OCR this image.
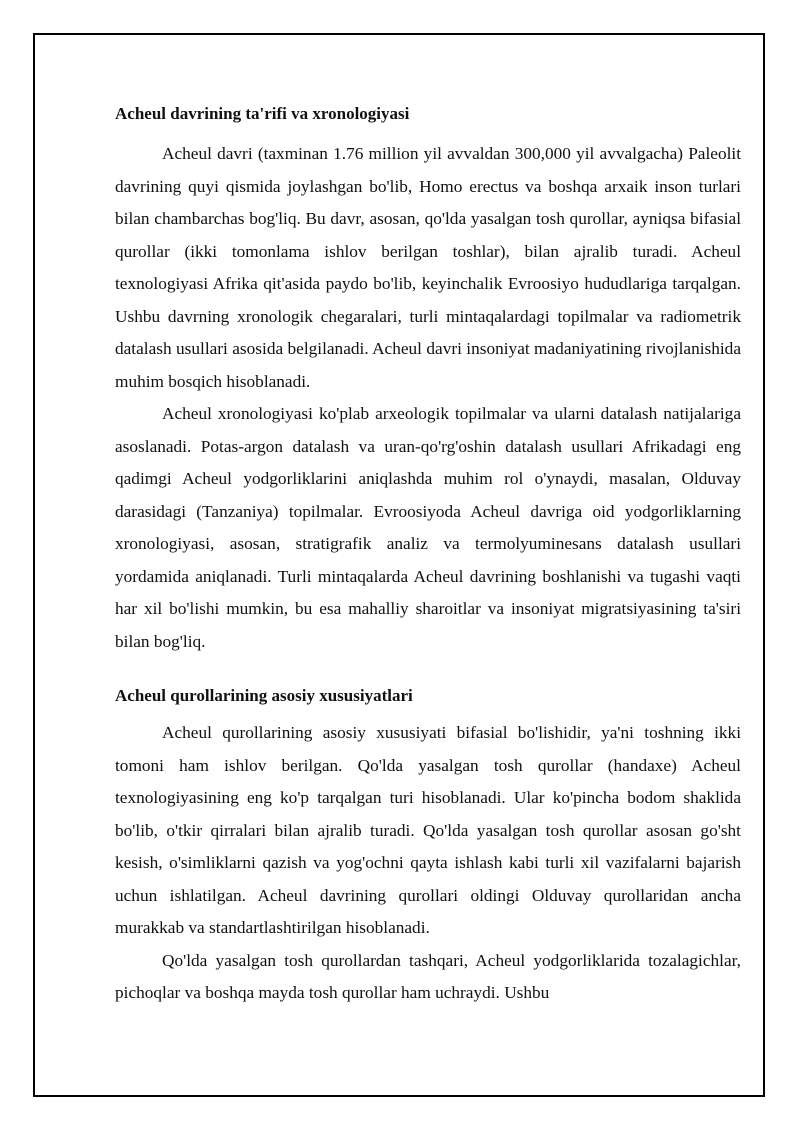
Acheul davrining ta'rifi va xronologiyasi

Acheul davri (taxminan 1.76 million yil avvaldan 300,000 yil avvalgacha) Paleolit davrining quyi qismida joylashgan bo'lib, Homo erectus va boshqa arxaik inson turlari bilan chambarchas bog'liq. Bu davr, asosan, qo'lda yasalgan tosh qurollar, ayniqsa bifasial qurollar (ikki tomonlama ishlov berilgan toshlar), bilan ajralib turadi. Acheul texnologiyasi Afrika qit'asida paydo bo'lib, keyinchalik Evroosiyo hududlariga tarqalgan. Ushbu davrning xronologik chegaralari, turli mintaqalardagi topilmalar va radiometrik datalash usullari asosida belgilanadi. Acheul davri insoniyat madaniyatining rivojlanishida muhim bosqich hisoblanadi.

Acheul xronologiyasi ko'plab arxeologik topilmalar va ularni datalash natijalariga asoslanadi. Potas-argon datalash va uran-qo'rg'oshin datalash usullari Afrikadagi eng qadimgi Acheul yodgorliklarini aniqlashda muhim rol o'ynaydi, masalan, Olduvay darasidagi (Tanzaniya) topilmalar. Evroosiyoda Acheul davriga oid yodgorliklarning xronologiyasi, asosan, stratigrafik analiz va termolyuminesans datalash usullari yordamida aniqlanadi. Turli mintaqalarda Acheul davrining boshlanishi va tugashi vaqti har xil bo'lishi mumkin, bu esa mahalliy sharoitlar va insoniyat migratsiyasining ta'siri bilan bog'liq.

Acheul qurollarining asosiy xususiyatlari

Acheul qurollarining asosiy xususiyati bifasial bo'lishidir, ya'ni toshning ikki tomoni ham ishlov berilgan. Qo'lda yasalgan tosh qurollar (handaxe) Acheul texnologiyasining eng ko'p tarqalgan turi hisoblanadi. Ular ko'pincha bodom shaklida bo'lib, o'tkir qirralari bilan ajralib turadi. Qo'lda yasalgan tosh qurollar asosan go'sht kesish, o'simliklarni qazish va yog'ochni qayta ishlash kabi turli xil vazifalarni bajarish uchun ishlatilgan. Acheul davrining qurollari oldingi Olduvay qurollaridan ancha murakkab va standartlashtirilgan hisoblanadi.

Qo'lda yasalgan tosh qurollardan tashqari, Acheul yodgorliklarida tozalagichlar, pichoqlar va boshqa mayda tosh qurollar ham uchraydi. Ushbu
